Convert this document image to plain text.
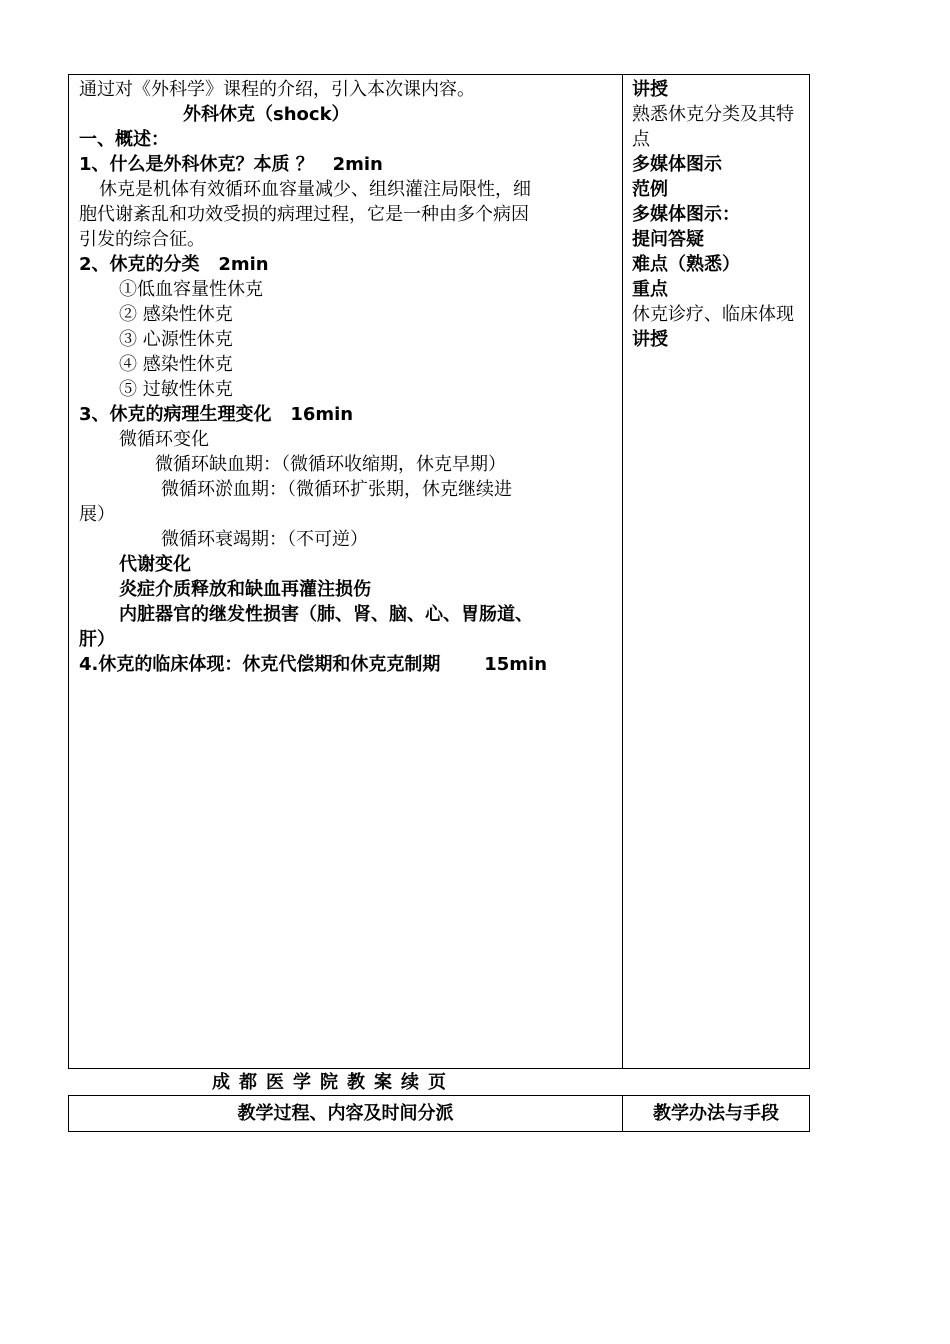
通过对《外科学》课程的介绍，引入本次课内容。
外科休克（shock）
一、概述：
1、什么是外科休克？本质 ？   2min
休克是机体有效循环血容量减少、组织灌注局限性，细
胞代谢紊乱和功效受损的病理过程，它是一种由多个病因
引发的综合征。
2、休克的分类   2min
①低血容量性休克
② 感染性休克
③ 心源性休克
④ 感染性休克
⑤ 过敏性休克
3、休克的病理生理变化   16min
微循环变化
微循环缺血期：（微循环收缩期，休克早期）
微循环淤血期：（微循环扩张期，休克继续进
展）
微循环衰竭期：（不可逆）
代谢变化
炎症介质释放和缺血再灌注损伤
内脏器官的继发性损害（肺、肾、脑、心、胃肠道、
肝）
4.休克的临床体现：休克代偿期和休克克制期       15min
讲授
熟悉休克分类及其特点
多媒体图示
范例
多媒体图示：
提问答疑
难点（熟悉）
重点
休克诊疗、临床体现
讲授
成都医学院教案续页
教学过程、内容及时间分派	教学办法与手段
